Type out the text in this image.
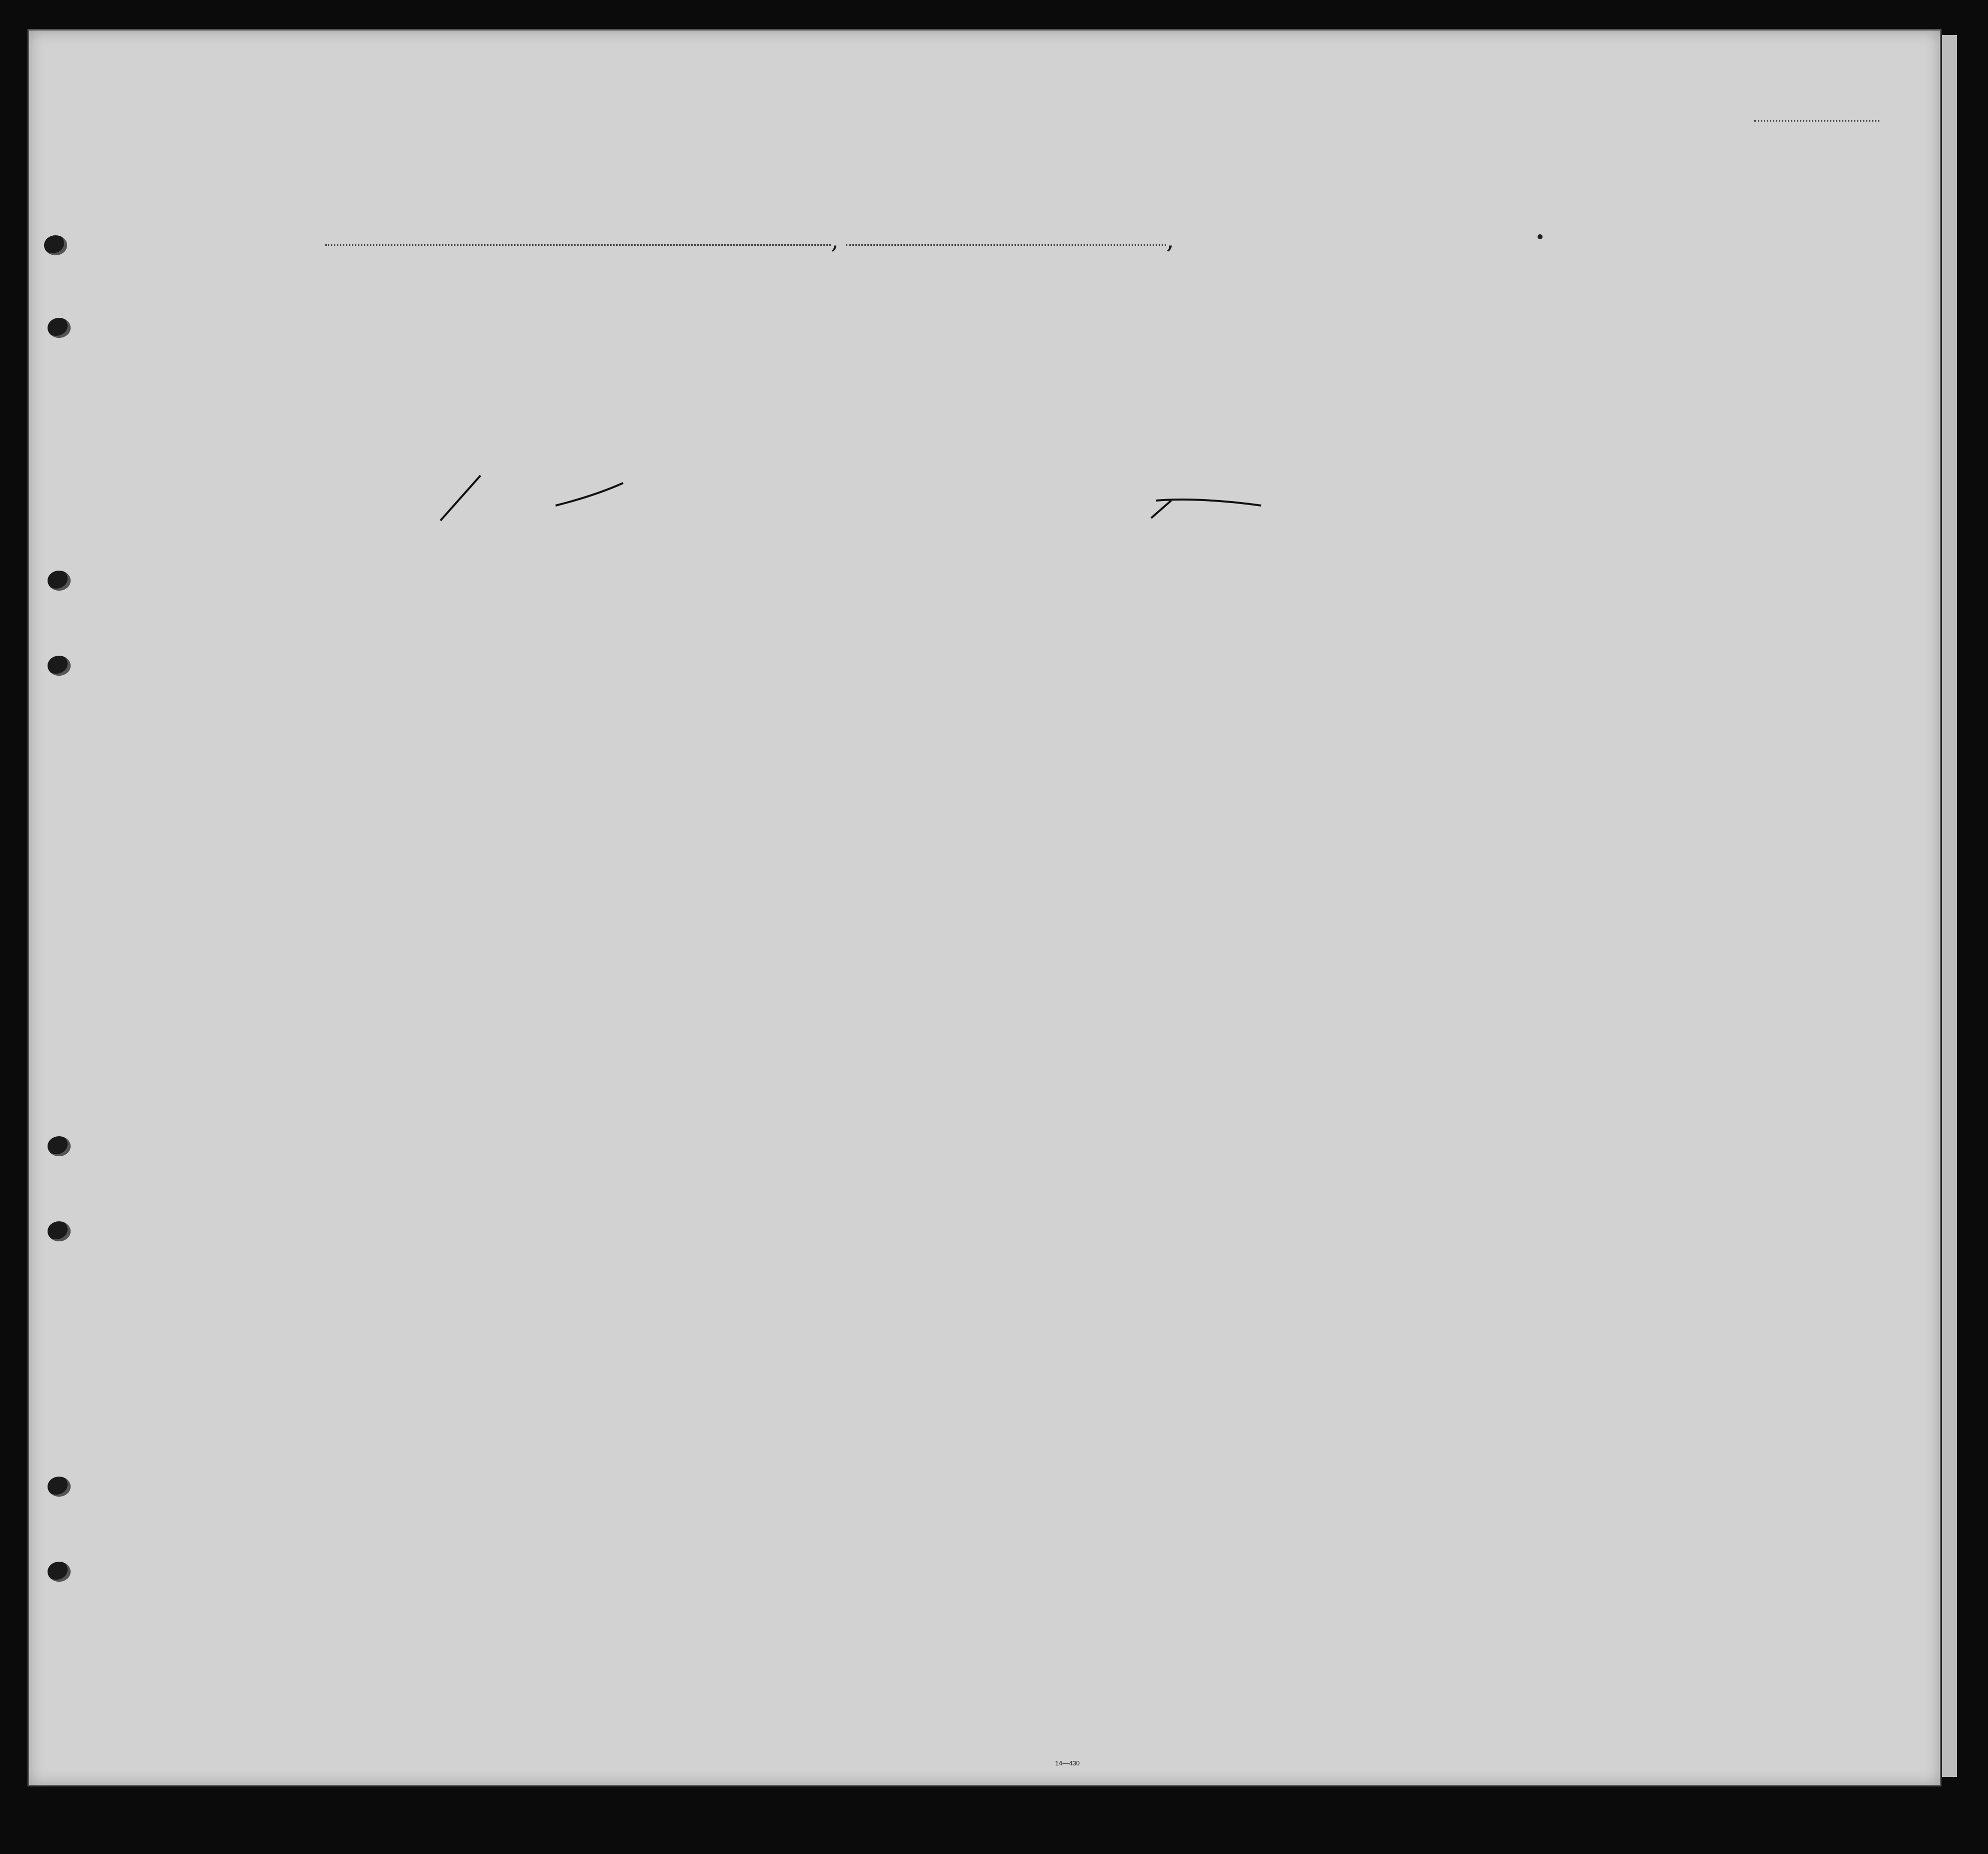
,	,
14—430
